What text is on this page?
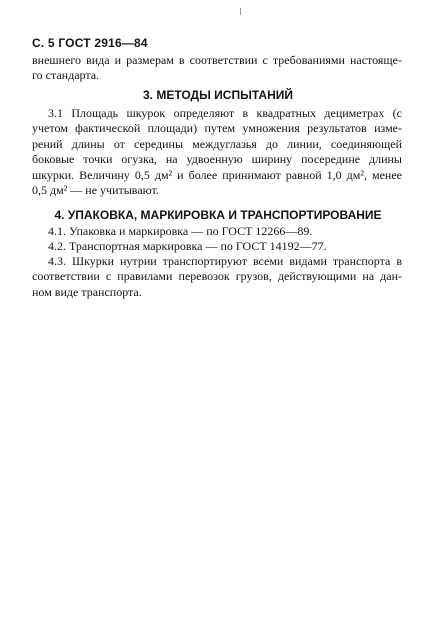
С. 5 ГОСТ 2916—84
внешнего вида и размерам в соответствии с требованиями настояще-
го стандарта.
3. МЕТОДЫ ИСПЫТАНИЙ
3.1 Площадь шкурок определяют в квадратных дециметрах (с
учетом фактической площади) путем умножения результатов изме-
рений длины от середины междуглазья до линии, соединяющей
боковые точки огузка, на удвоенную ширину посередине длины
шкурки. Величину 0,5 дм² и более принимают равной 1,0 дм², менее
0,5 дм² — не учитывают.
4. УПАКОВКА, МАРКИРОВКА И ТРАНСПОРТИРОВАНИЕ
4.1. Упаковка и маркировка — по ГОСТ 12266—89.
4.2. Транспортная маркировка — по ГОСТ 14192—77.
4.3. Шкурки нутрии транспортируют всеми видами транспорта в
соответствии с правилами перевозок грузов, действующими на дан-
ном виде транспорта.
